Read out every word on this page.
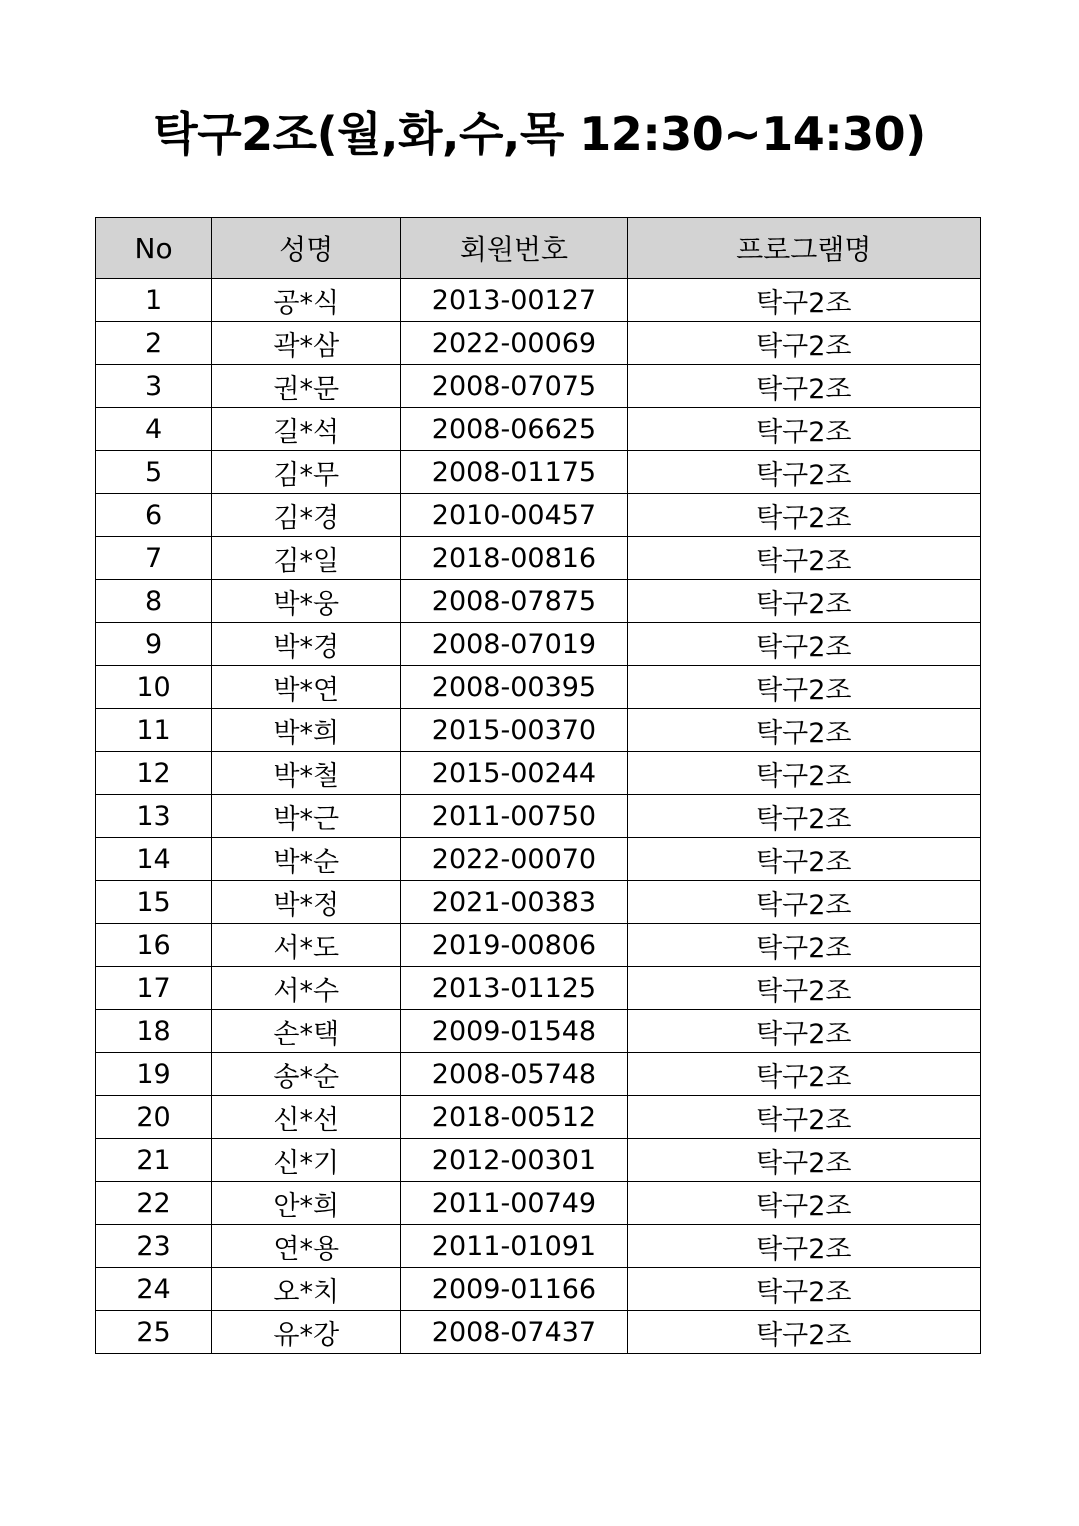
탁구2조(월,화,수,목 12:30~14:30)
No	성명	회원번호	프로그램명
1	공*식	2013-00127	탁구2조
2	곽*삼	2022-00069	탁구2조
3	권*문	2008-07075	탁구2조
4	길*석	2008-06625	탁구2조
5	김*무	2008-01175	탁구2조
6	김*경	2010-00457	탁구2조
7	김*일	2018-00816	탁구2조
8	박*웅	2008-07875	탁구2조
9	박*경	2008-07019	탁구2조
10	박*연	2008-00395	탁구2조
11	박*희	2015-00370	탁구2조
12	박*철	2015-00244	탁구2조
13	박*근	2011-00750	탁구2조
14	박*순	2022-00070	탁구2조
15	박*정	2021-00383	탁구2조
16	서*도	2019-00806	탁구2조
17	서*수	2013-01125	탁구2조
18	손*택	2009-01548	탁구2조
19	송*순	2008-05748	탁구2조
20	신*선	2018-00512	탁구2조
21	신*기	2012-00301	탁구2조
22	안*희	2011-00749	탁구2조
23	연*용	2011-01091	탁구2조
24	오*치	2009-01166	탁구2조
25	유*강	2008-07437	탁구2조
